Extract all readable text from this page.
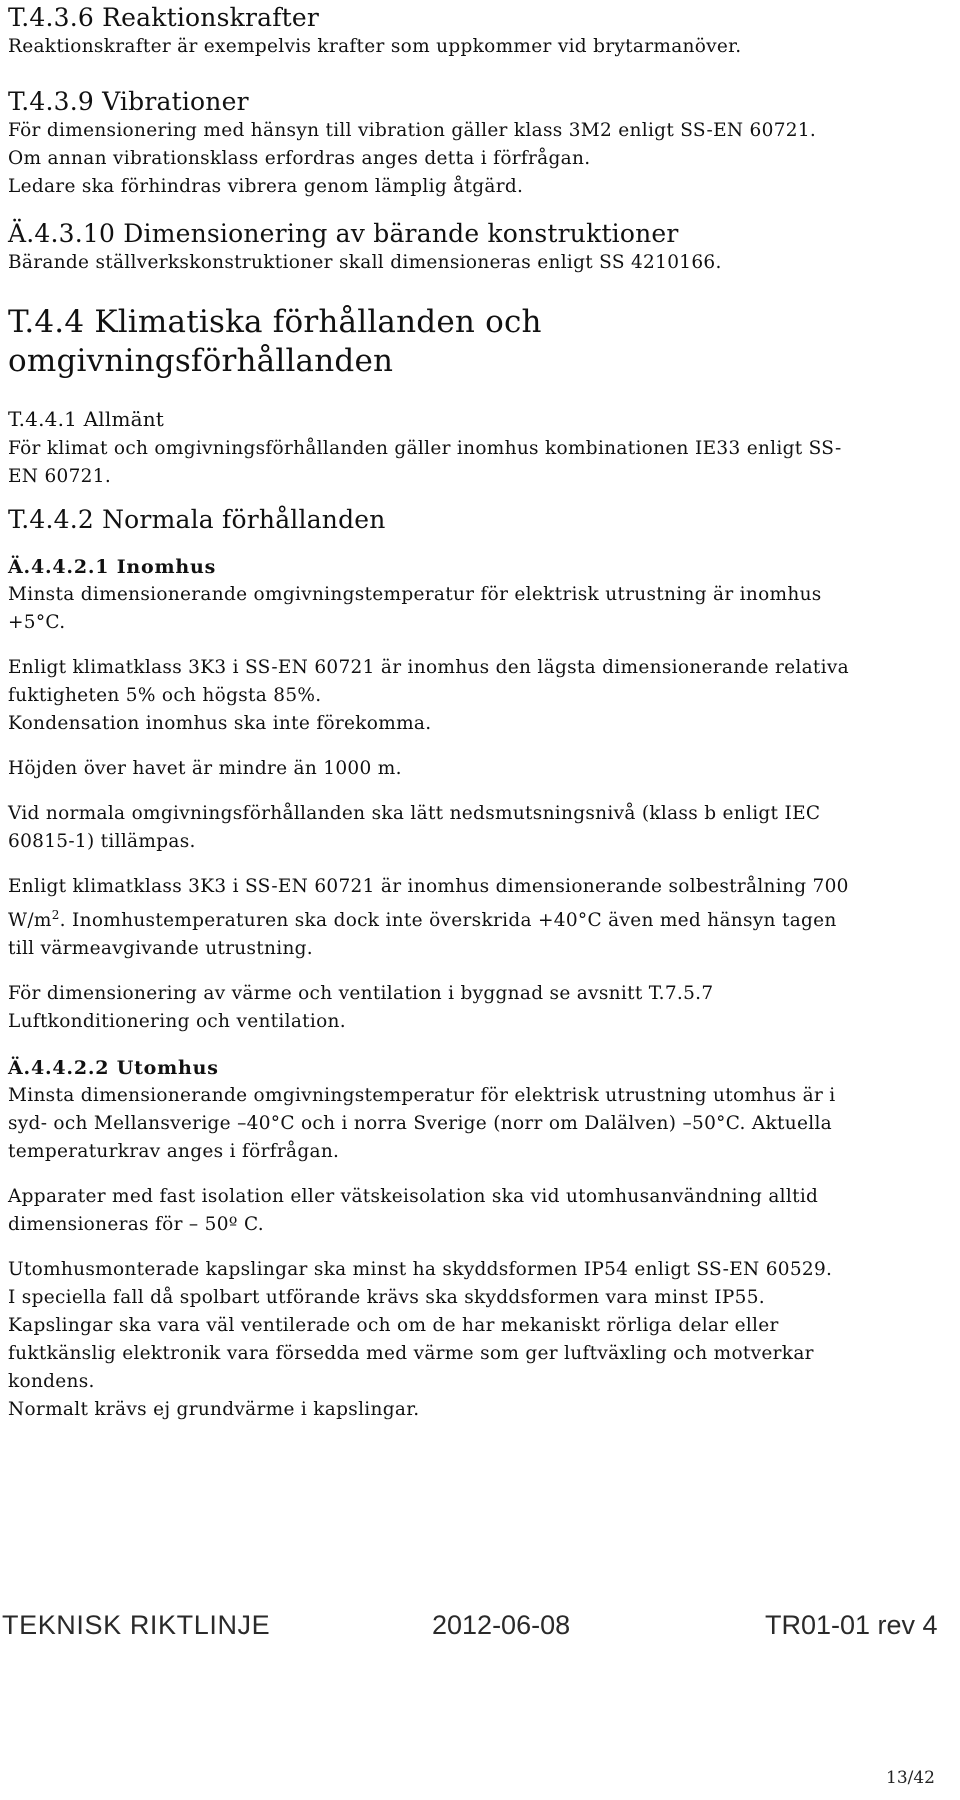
T.4.3.6 Reaktionskrafter
Reaktionskrafter är exempelvis krafter som uppkommer vid brytarmanöver.
T.4.3.9 Vibrationer
För dimensionering med hänsyn till vibration gäller klass 3M2 enligt SS-EN 60721.
Om annan vibrationsklass erfordras anges detta i förfrågan.
Ledare ska förhindras vibrera genom lämplig åtgärd.
Ä.4.3.10 Dimensionering av bärande konstruktioner
Bärande ställverkskonstruktioner skall dimensioneras enligt SS 4210166.
T.4.4 Klimatiska förhållanden och
omgivningsförhållanden
T.4.4.1 Allmänt
För klimat och omgivningsförhållanden gäller inomhus kombinationen IE33 enligt SS-
EN 60721.
T.4.4.2 Normala förhållanden
Ä.4.4.2.1 Inomhus
Minsta dimensionerande omgivningstemperatur för elektrisk utrustning är inomhus
+5°C.
Enligt klimatklass 3K3 i SS-EN 60721 är inomhus den lägsta dimensionerande relativa
fuktigheten 5% och högsta 85%.
Kondensation inomhus ska inte förekomma.
Höjden över havet är mindre än 1000 m.
Vid normala omgivningsförhållanden ska lätt nedsmutsningsnivå (klass b enligt IEC
60815-1) tillämpas.
Enligt klimatklass 3K3 i SS-EN 60721 är inomhus dimensionerande solbestrålning 700
$W/m^2$. Inomhustemperaturen ska dock inte överskrida +40°C även med hänsyn tagen
till värmeavgivande utrustning.
För dimensionering av värme och ventilation i byggnad se avsnitt T.7.5.7
Luftkonditionering och ventilation.
Ä.4.4.2.2 Utomhus
Minsta dimensionerande omgivningstemperatur för elektrisk utrustning utomhus är i
syd- och Mellansverige –40°C och i norra Sverige (norr om Dalälven) –50°C. Aktuella
temperaturkrav anges i förfrågan.
Apparater med fast isolation eller vätskeisolation ska vid utomhusanvändning alltid
dimensioneras för – 50º C.
Utomhusmonterade kapslingar ska minst ha skyddsformen IP54 enligt SS-EN 60529.
I speciella fall då spolbart utförande krävs ska skyddsformen vara minst IP55.
Kapslingar ska vara väl ventilerade och om de har mekaniskt rörliga delar eller
fuktkänslig elektronik vara försedda med värme som ger luftväxling och motverkar
kondens.
Normalt krävs ej grundvärme i kapslingar.
TEKNISK RIKTLINJE	2012-06-08	TR01-01 rev 4
13/42
